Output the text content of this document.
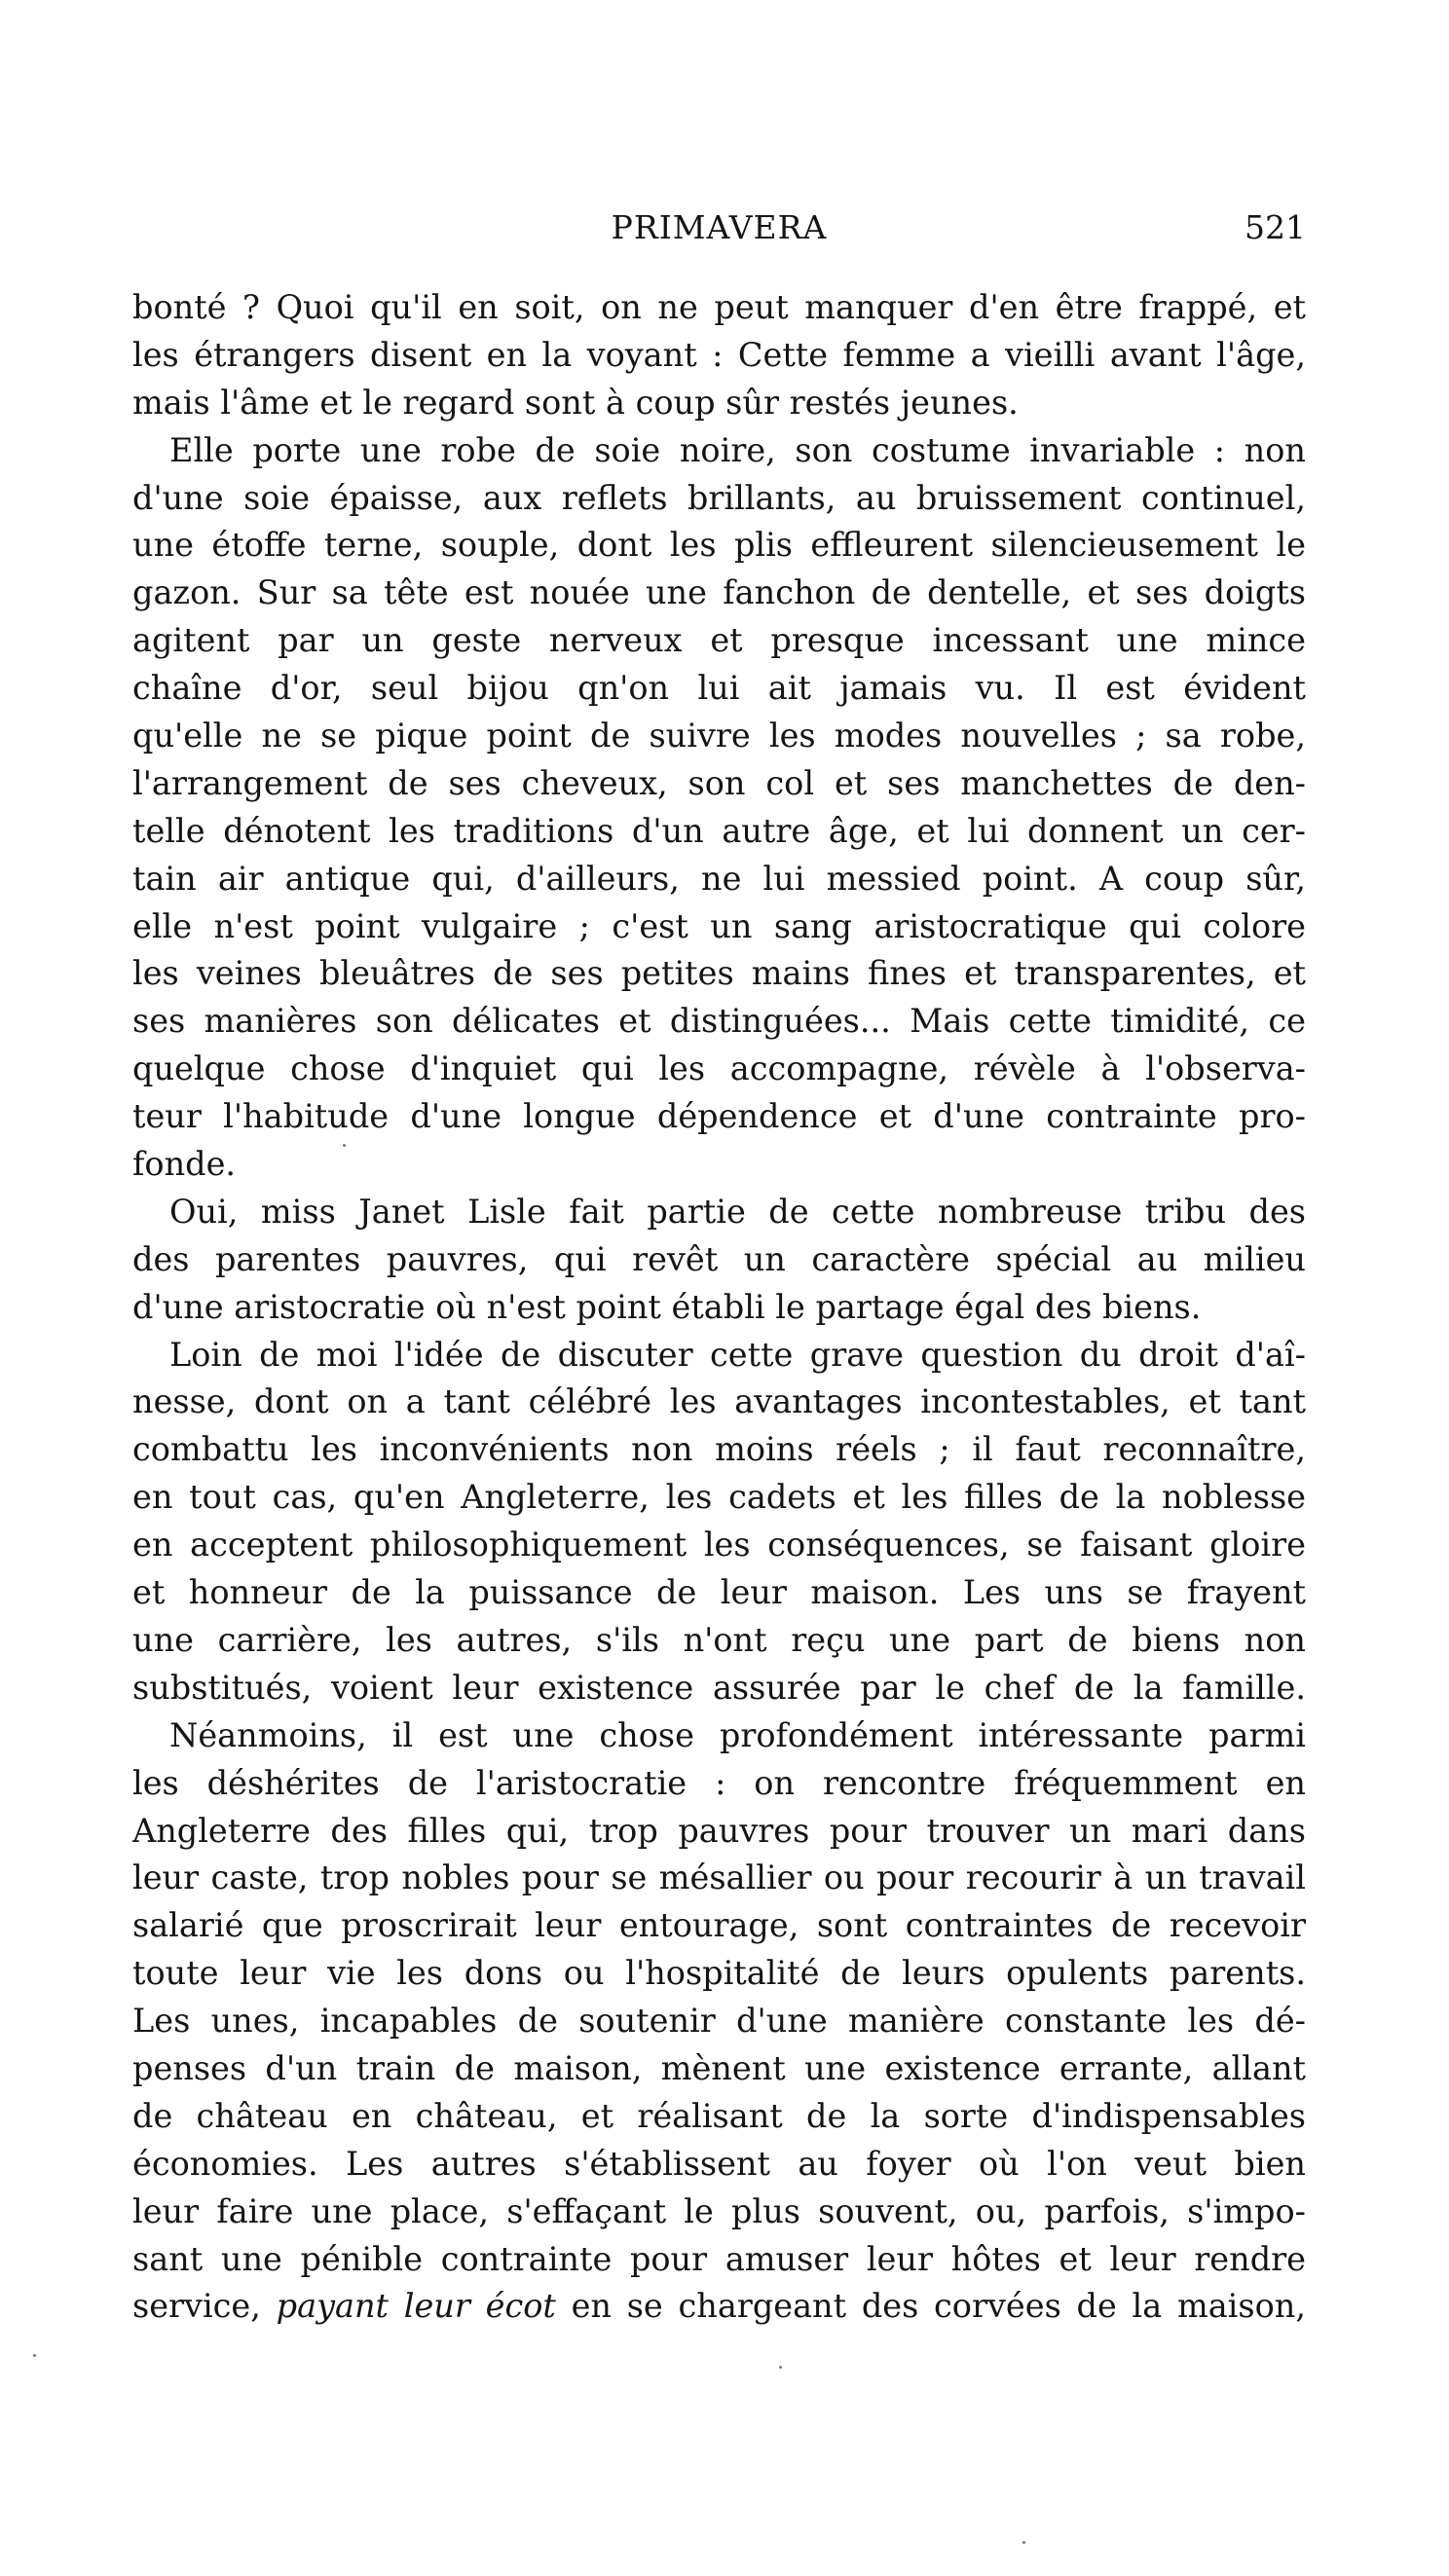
PRIMAVERA	521
bonté ? Quoi qu'il en soit, on ne peut manquer d'en être frappé, et
les étrangers disent en la voyant : Cette femme a vieilli avant l'âge,
mais l'âme et le regard sont à coup sûr restés jeunes.
Elle porte une robe de soie noire, son costume invariable : non
d'une soie épaisse, aux reflets brillants, au bruissement continuel,
une étoffe terne, souple, dont les plis effleurent silencieusement le
gazon. Sur sa tête est nouée une fanchon de dentelle, et ses doigts
agitent par un geste nerveux et presque incessant une mince
chaîne d'or, seul bijou qn'on lui ait jamais vu. Il est évident
qu'elle ne se pique point de suivre les modes nouvelles ; sa robe,
l'arrangement de ses cheveux, son col et ses manchettes de den-
telle dénotent les traditions d'un autre âge, et lui donnent un cer-
tain air antique qui, d'ailleurs, ne lui messied point. A coup sûr,
elle n'est point vulgaire ; c'est un sang aristocratique qui colore
les veines bleuâtres de ses petites mains fines et transparentes, et
ses manières son délicates et distinguées... Mais cette timidité, ce
quelque chose d'inquiet qui les accompagne, révèle à l'observa-
teur l'habitude d'une longue dépendence et d'une contrainte pro-
fonde.
Oui, miss Janet Lisle fait partie de cette nombreuse tribu des
des parentes pauvres, qui revêt un caractère spécial au milieu
d'une aristocratie où n'est point établi le partage égal des biens.
Loin de moi l'idée de discuter cette grave question du droit d'aî-
nesse, dont on a tant célébré les avantages incontestables, et tant
combattu les inconvénients non moins réels ; il faut reconnaître,
en tout cas, qu'en Angleterre, les cadets et les filles de la noblesse
en acceptent philosophiquement les conséquences, se faisant gloire
et honneur de la puissance de leur maison. Les uns se frayent
une carrière, les autres, s'ils n'ont reçu une part de biens non
substitués, voient leur existence assurée par le chef de la famille.
Néanmoins, il est une chose profondément intéressante parmi
les déshérites de l'aristocratie : on rencontre fréquemment en
Angleterre des filles qui, trop pauvres pour trouver un mari dans
leur caste, trop nobles pour se mésallier ou pour recourir à un travail
salarié que proscrirait leur entourage, sont contraintes de recevoir
toute leur vie les dons ou l'hospitalité de leurs opulents parents.
Les unes, incapables de soutenir d'une manière constante les dé-
penses d'un train de maison, mènent une existence errante, allant
de château en château, et réalisant de la sorte d'indispensables
économies. Les autres s'établissent au foyer où l'on veut bien
leur faire une place, s'effaçant le plus souvent, ou, parfois, s'impo-
sant une pénible contrainte pour amuser leur hôtes et leur rendre
service, payant leur écot en se chargeant des corvées de la maison,
